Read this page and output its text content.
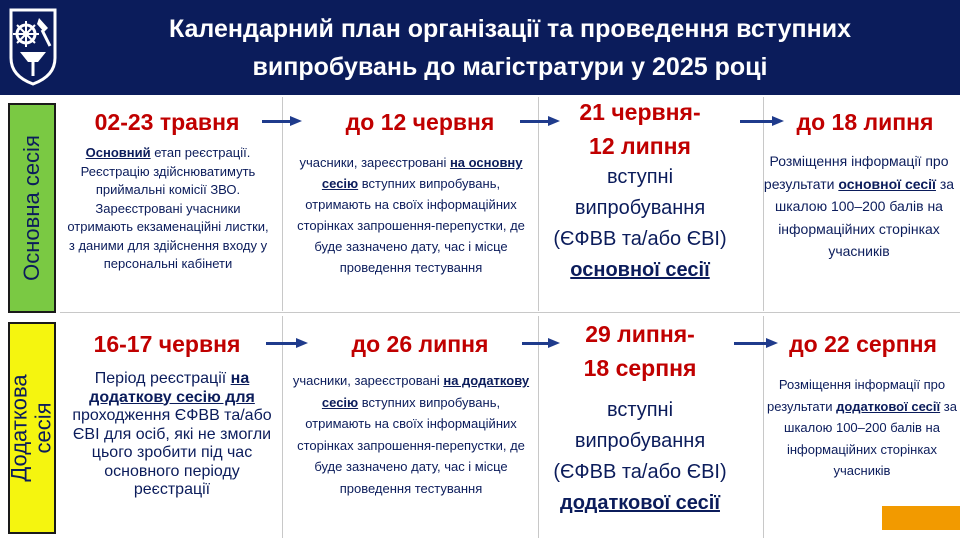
Календарний план організації та проведення вступних
випробувань до магістратури у 2025 році
Основна сесія
Додаткова сесія
02-23 травня
Основний етап реєстрації. Реєстрацію здійснюватимуть приймальні комісії ЗВО. Зареєстровані учасники отримають екзаменаційні листки, з даними для здійснення входу у персональні кабінети
до 12 червня
учасники, зареєстровані на основну сесію вступних випробувань, отримають на своїх інформаційних сторінках запрошення-перепустки, де буде зазначено дату, час і місце проведення тестування
21 червня-
12 липня
вступні
випробування
(ЄФВВ та/або ЄВІ)
основної сесії
до 18 липня
Розміщення інформації про результати основної сесії за шкалою 100–200 балів на інформаційних сторінках учасників
16-17 червня
Період реєстрації на додаткову сесію для проходження ЄФВВ та/або ЄВІ для осіб, які не змогли цього зробити під час основного періоду реєстрації
до 26 липня
учасники, зареєстровані на додаткову сесію вступних випробувань, отримають на своїх інформаційних сторінках запрошення-перепустки, де буде зазначено дату, час і місце проведення тестування
29 липня-
18 серпня
вступні
випробування
(ЄФВВ та/або ЄВІ)
додаткової сесії
до 22 серпня
Розміщення інформації про результати додаткової сесії за шкалою 100–200 балів на інформаційних сторінках учасників
